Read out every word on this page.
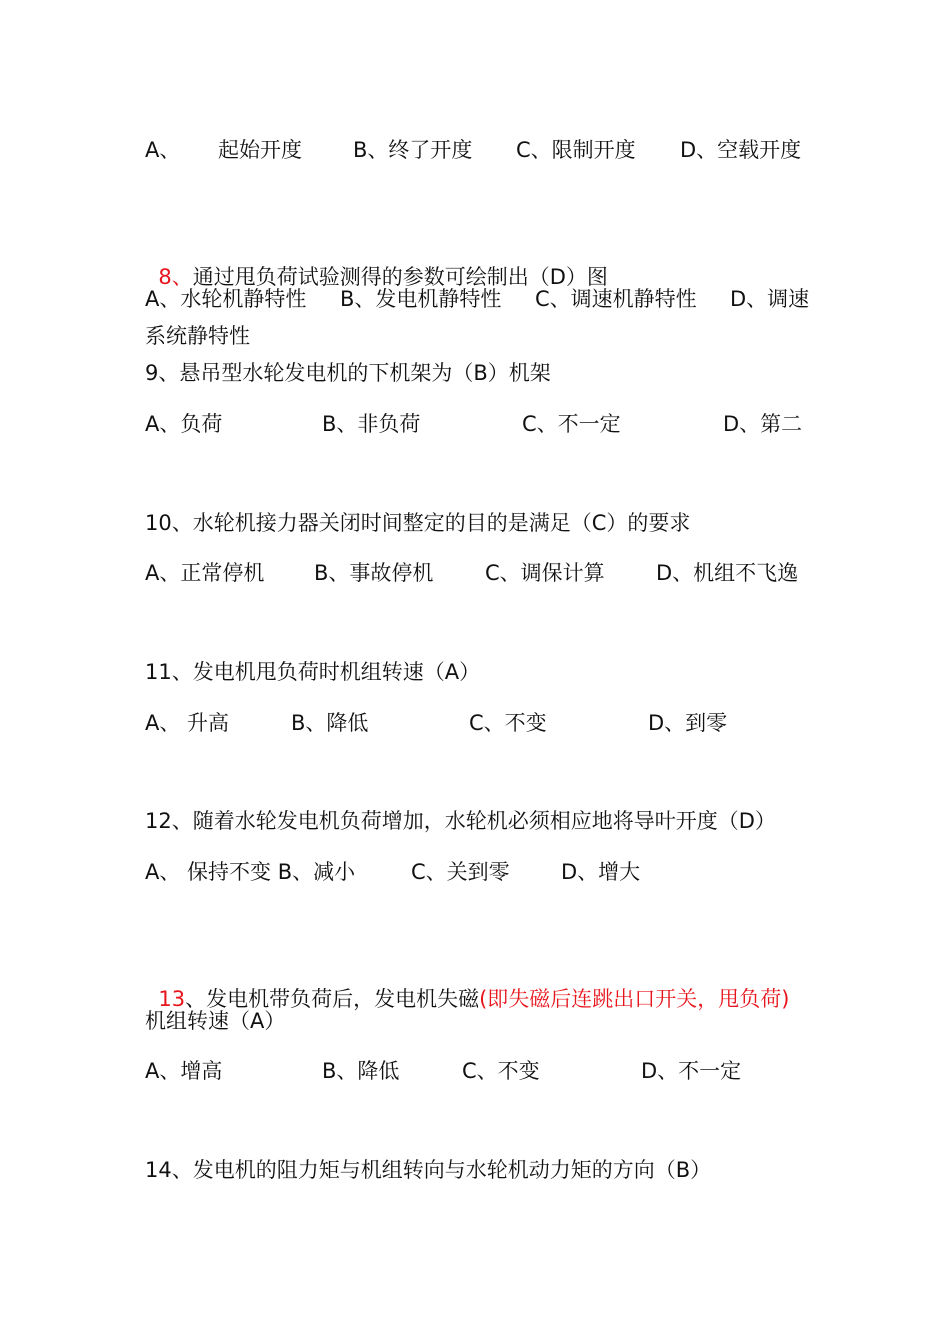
A、 起始开度 B、终了开度 C、限制开度 D、空载开度

8、通过甩负荷试验测得的参数可绘制出（D）图

A、水轮机静特性 B、发电机静特性 C、调速机静特性 D、调速
系统静特性
9、悬吊型水轮发电机的下机架为（B）机架
A、负荷	B、非负荷	C、不一定	D、第二
10、水轮机接力器关闭时间整定的目的是满足（C）的要求
A、正常停机 B、事故停机 C、调保计算 D、机组不飞逸
11、发电机甩负荷时机组转速（A）
A、 升高	B、降低	C、不变	D、到零
12、随着水轮发电机负荷增加，水轮机必须相应地将导叶开度（D）
A、 保持不变 B、减小	C、关到零 D、增大

13、发电机带负荷后，发电机失磁(即失磁后连跳出口开关，甩负荷)

机组转速（A）
A、增高	B、降低	C、不变	D、不一定
14、发电机的阻力矩与机组转向与水轮机动力矩的方向（B）
